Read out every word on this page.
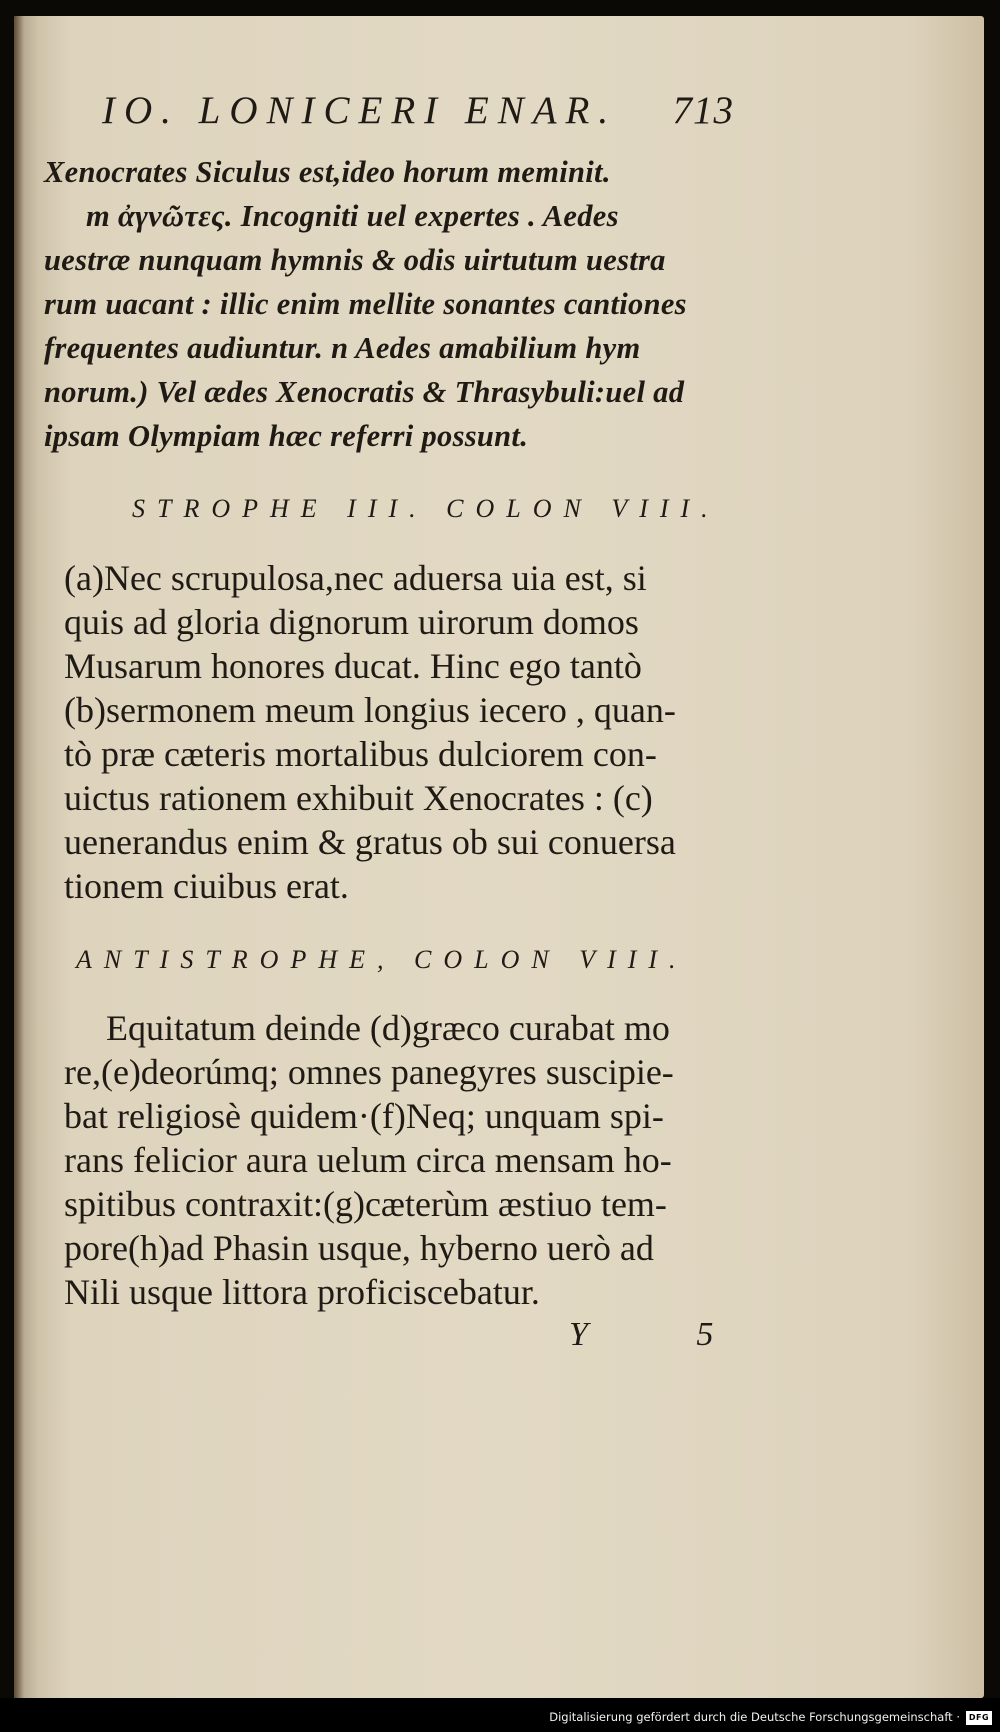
IO. LONICERI ENAR. 713
Xenocrates Siculus est,ideo horum meminit.
m ἀγνῶτες. Incogniti uel expertes . Aedes
uestræ nunquam hymnis & odis uirtutum uestra
rum uacant : illic enim mellite sonantes cantiones
frequentes audiuntur. n Aedes amabilium hym
norum.) Vel ædes Xenocratis & Thrasybuli:uel ad
ipsam Olympiam hæc referri possunt.
STROPHE III. COLON VIII.
(a)Nec scrupulosa,nec aduersa uia est, si
quis ad gloria dignorum uirorum domos
Musarum honores ducat. Hinc ego tantò
(b)sermonem meum longius iecero , quan-
tò præ cæteris mortalibus dulciorem con-
uictus rationem exhibuit Xenocrates : (c)
uenerandus enim & gratus ob sui conuersa
tionem ciuibus erat.
ANTISTROPHE, COLON VIII.
Equitatum deinde (d)græco curabat mo
re,(e)deorúmq; omnes panegyres suscipie-
bat religiosè quidem·(f)Neq; unquam spi-
rans felicior aura uelum circa mensam ho-
spitibus contraxit:(g)cæterùm æstiuo tem-
pore(h)ad Phasin usque, hyberno uerò ad
Nili usque littora proficiscebatur.
Y 5
Digitalisierung gefördert durch die Deutsche Forschungsgemeinschaft ·	DFG
